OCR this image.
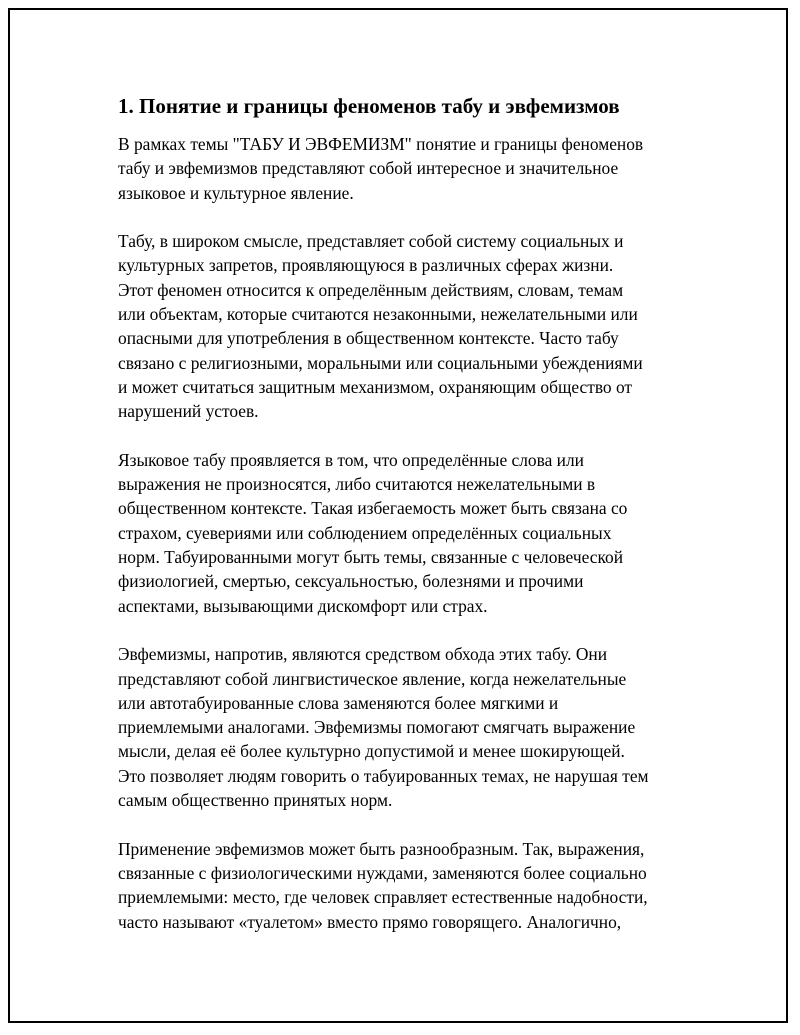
1. Понятие и границы феноменов табу и эвфемизмов
В рамках темы "ТАБУ И ЭВФЕМИЗМ" понятие и границы феноменов
табу и эвфемизмов представляют собой интересное и значительное
языковое и культурное явление.
Табу, в широком смысле, представляет собой систему социальных и
культурных запретов, проявляющуюся в различных сферах жизни.
Этот феномен относится к определённым действиям, словам, темам
или объектам, которые считаются незаконными, нежелательными или
опасными для употребления в общественном контексте. Часто табу
связано с религиозными, моральными или социальными убеждениями
и может считаться защитным механизмом, охраняющим общество от
нарушений устоев.
Языковое табу проявляется в том, что определённые слова или
выражения не произносятся, либо считаются нежелательными в
общественном контексте. Такая избегаемость может быть связана со
страхом, суевериями или соблюдением определённых социальных
норм. Табуированными могут быть темы, связанные с человеческой
физиологией, смертью, сексуальностью, болезнями и прочими
аспектами, вызывающими дискомфорт или страх.
Эвфемизмы, напротив, являются средством обхода этих табу. Они
представляют собой лингвистическое явление, когда нежелательные
или автотабуированные слова заменяются более мягкими и
приемлемыми аналогами. Эвфемизмы помогают смягчать выражение
мысли, делая её более культурно допустимой и менее шокирующей.
Это позволяет людям говорить о табуированных темах, не нарушая тем
самым общественно принятых норм.
Применение эвфемизмов может быть разнообразным. Так, выражения,
связанные с физиологическими нуждами, заменяются более социально
приемлемыми: место, где человек справляет естественные надобности,
часто называют «туалетом» вместо прямо говорящего. Аналогично,
